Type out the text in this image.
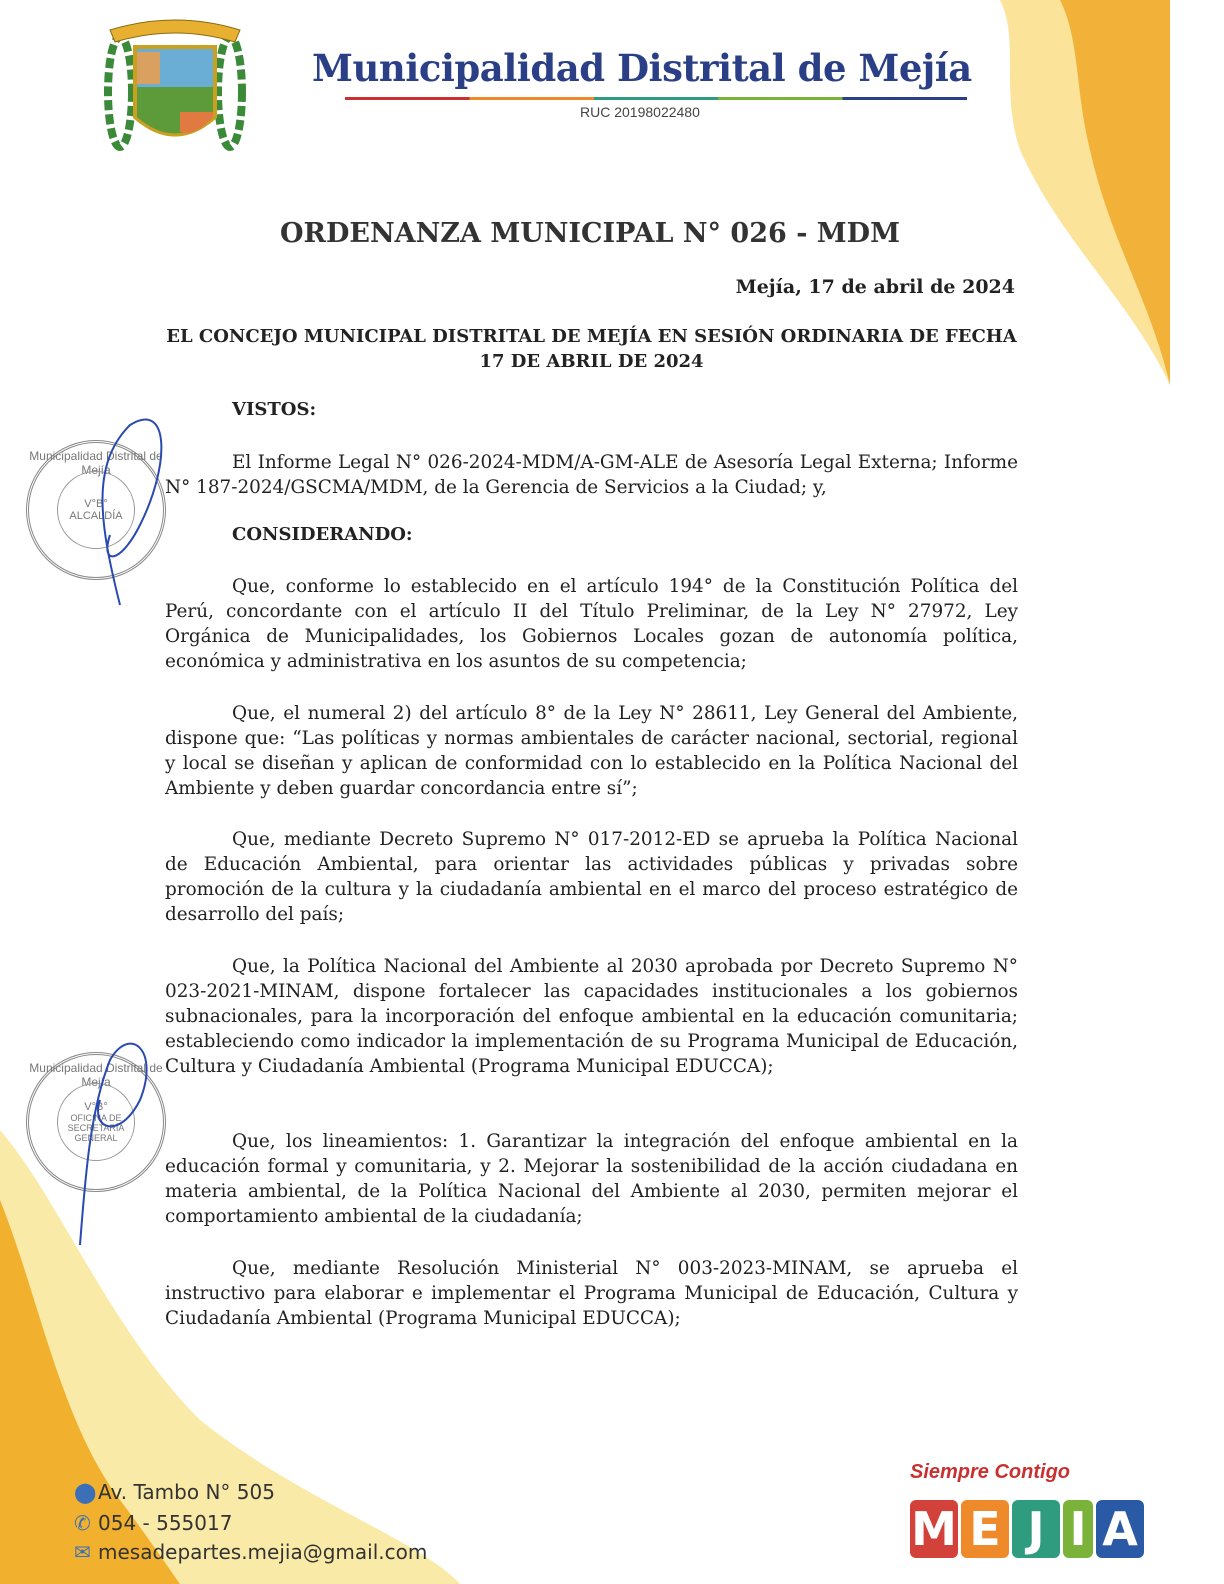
Municipalidad Distrital de Mejía
RUC 20198022480
ORDENANZA MUNICIPAL N° 026 - MDM
Mejía, 17 de abril de 2024
EL CONCEJO MUNICIPAL DISTRITAL DE MEJÍA EN SESIÓN ORDINARIA DE FECHA 17 DE ABRIL DE 2024
VISTOS:

El Informe Legal N° 026-2024-MDM/A-GM-ALE de Asesoría Legal Externa; Informe N° 187-2024/GSCMA/MDM, de la Gerencia de Servicios a la Ciudad; y,

CONSIDERANDO:

Que, conforme lo establecido en el artículo 194° de la Constitución Política del Perú, concordante con el artículo II del Título Preliminar, de la Ley N° 27972, Ley Orgánica de Municipalidades, los Gobiernos Locales gozan de autonomía política, económica y administrativa en los asuntos de su competencia;

Que, el numeral 2) del artículo 8° de la Ley N° 28611, Ley General del Ambiente, dispone que: “Las políticas y normas ambientales de carácter nacional, sectorial, regional y local se diseñan y aplican de conformidad con lo establecido en la Política Nacional del Ambiente y deben guardar concordancia entre sí”;

Que, mediante Decreto Supremo N° 017-2012-ED se aprueba la Política Nacional de Educación Ambiental, para orientar las actividades públicas y privadas sobre promoción de la cultura y la ciudadanía ambiental en el marco del proceso estratégico de desarrollo del país;

Que, la Política Nacional del Ambiente al 2030 aprobada por Decreto Supremo N° 023-2021-MINAM, dispone fortalecer las capacidades institucionales a los gobiernos subnacionales, para la incorporación del enfoque ambiental en la educación comunitaria; estableciendo como indicador la implementación de su Programa Municipal de Educación, Cultura y Ciudadanía Ambiental (Programa Municipal EDUCCA);

Que, los lineamientos: 1. Garantizar la integración del enfoque ambiental en la educación formal y comunitaria, y 2. Mejorar la sostenibilidad de la acción ciudadana en materia ambiental, de la Política Nacional del Ambiente al 2030, permiten mejorar el comportamiento ambiental de la ciudadanía;

Que, mediante Resolución Ministerial N° 003-2023-MINAM, se aprueba el instructivo para elaborar e implementar el Programa Municipal de Educación, Cultura y Ciudadanía Ambiental (Programa Municipal EDUCCA);

Municipalidad Distrital de Mejía
V°B°
ALCALDÍA
Municipalidad Distrital de Mejía
V°B°
OFICINA DE SECRETARÍA GENERAL
⬤Av. Tambo N° 505
✆ 054 - 555017
✉ mesadepartes.mejia@gmail.com
Siempre Contigo
M E J I A
